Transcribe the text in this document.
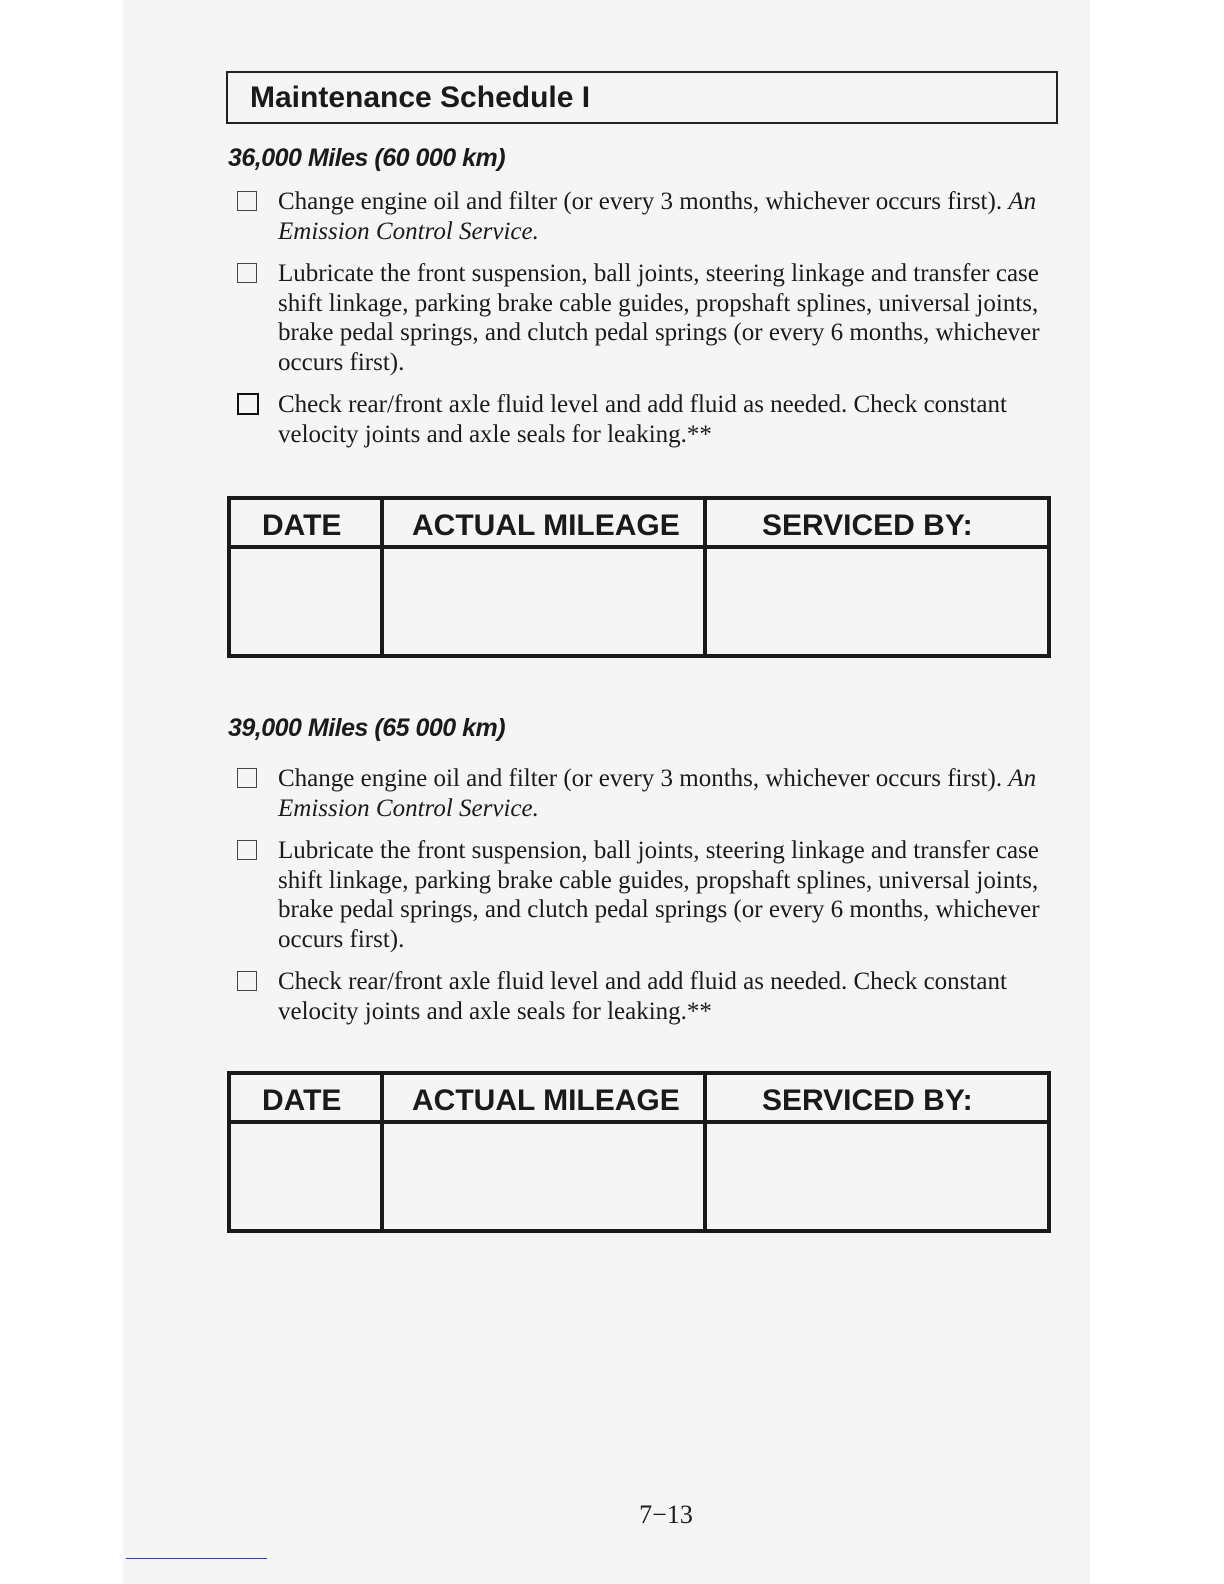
Maintenance Schedule I
36,000 Miles (60 000 km)
Change engine oil and filter (or every 3 months, whichever occurs first). An Emission Control Service.
Lubricate the front suspension, ball joints, steering linkage and transfer case shift linkage, parking brake cable guides, propshaft splines, universal joints, brake pedal springs, and clutch pedal springs (or every 6 months, whichever occurs first).
Check rear/front axle fluid level and add fluid as needed. Check constant velocity joints and axle seals for leaking.**
DATE ACTUAL MILEAGE	SERVICED BY:
39,000 Miles (65 000 km)
Change engine oil and filter (or every 3 months, whichever occurs first). An Emission Control Service.
Lubricate the front suspension, ball joints, steering linkage and transfer case shift linkage, parking brake cable guides, propshaft splines, universal joints, brake pedal springs, and clutch pedal springs (or every 6 months, whichever occurs first).
Check rear/front axle fluid level and add fluid as needed. Check constant velocity joints and axle seals for leaking.**
DATE ACTUAL MILEAGE	SERVICED BY:
7−13
